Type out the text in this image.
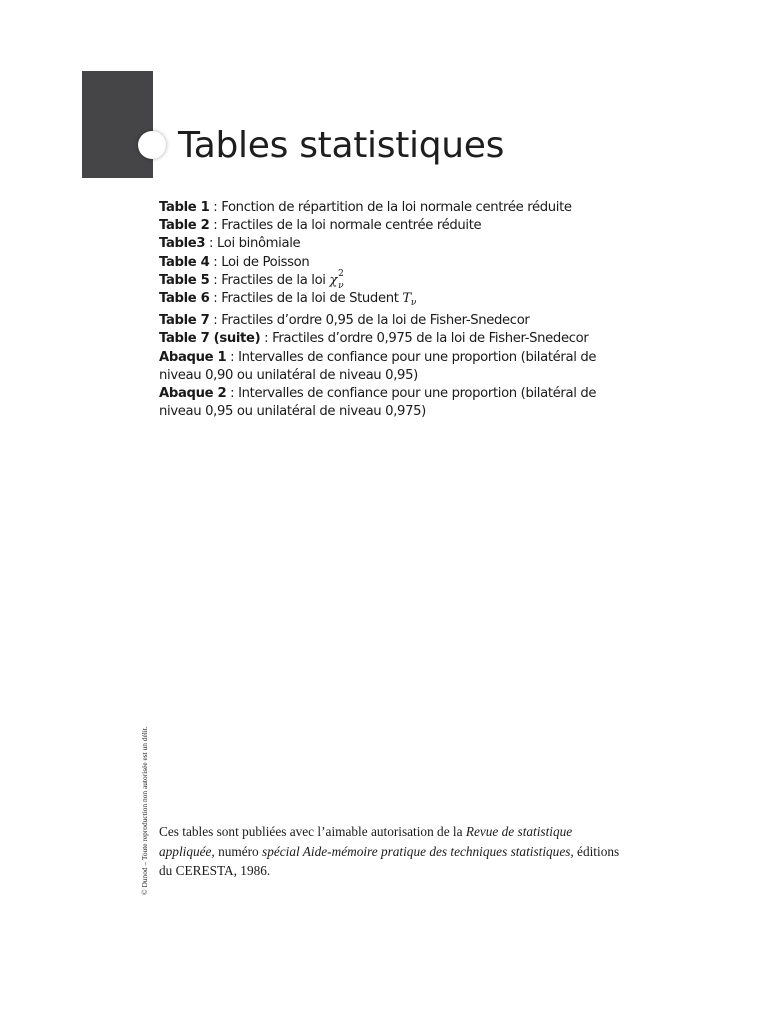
Tables statistiques

Table 1 : Fonction de répartition de la loi normale centrée réduite

Table 2 : Fractiles de la loi normale centrée réduite

Table3 : Loi binômiale

Table 4 : Loi de Poisson

Table 5 : Fractiles de la loi χ 2
ν

Table 6 : Fractiles de la loi de Student $T_\nu$

Table 7 : Fractiles d’ordre 0,95 de la loi de Fisher-Snedecor

Table 7 (suite) : Fractiles d’ordre 0,975 de la loi de Fisher-Snedecor

Abaque 1 : Intervalles de confiance pour une proportion (bilatéral de niveau 0,90 ou unilatéral de niveau 0,95)

Abaque 2 : Intervalles de confiance pour une proportion (bilatéral de niveau 0,95 ou unilatéral de niveau 0,975)

© Dunod – Toute reproduction non autorisée est un délit. Ces tables sont publiées avec l’aimable autorisation de la Revue de statistique appliquée, numéro spécial Aide-mémoire pratique des techniques statistiques, éditions du CERESTA, 1986.
